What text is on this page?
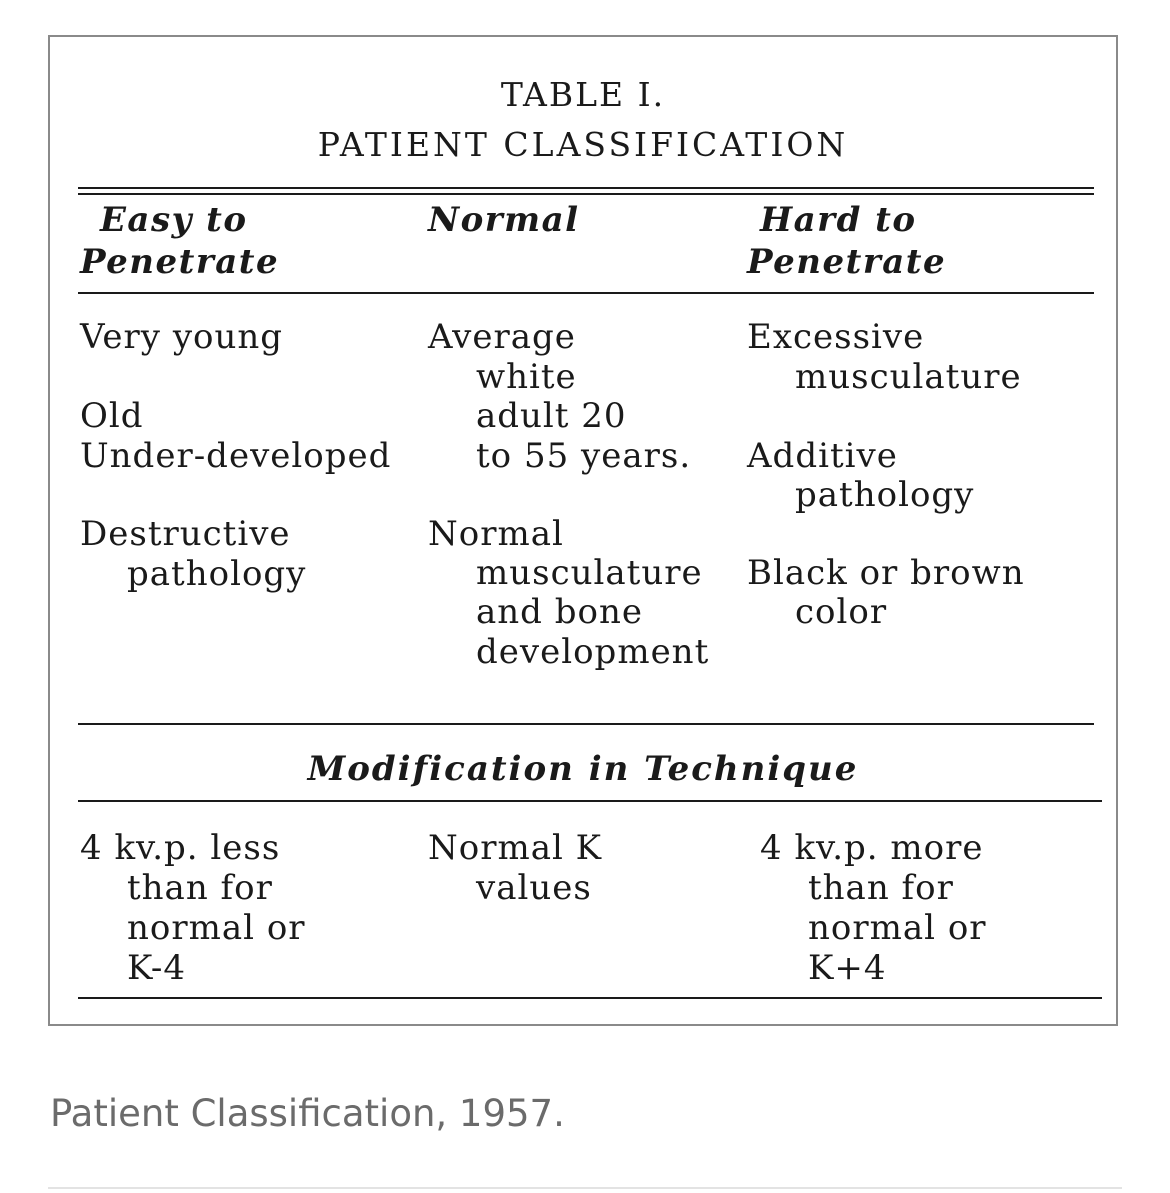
TABLE I.
PATIENT CLASSIFICATION
Easy to
Penetrate
Normal	Hard to
Penetrate
Very young
Old
Under-developed
Destructive
pathology
Average
white
adult 20
to 55 years.
Normal
musculature
and bone
development
Excessive
musculature
Additive
pathology
Black or brown
color
Modification in Technique
4 kv.p. less
than for
normal or
K-4
Normal K
values
4 kv.p. more
than for
normal or
K+4
Patient Classification, 1957.
